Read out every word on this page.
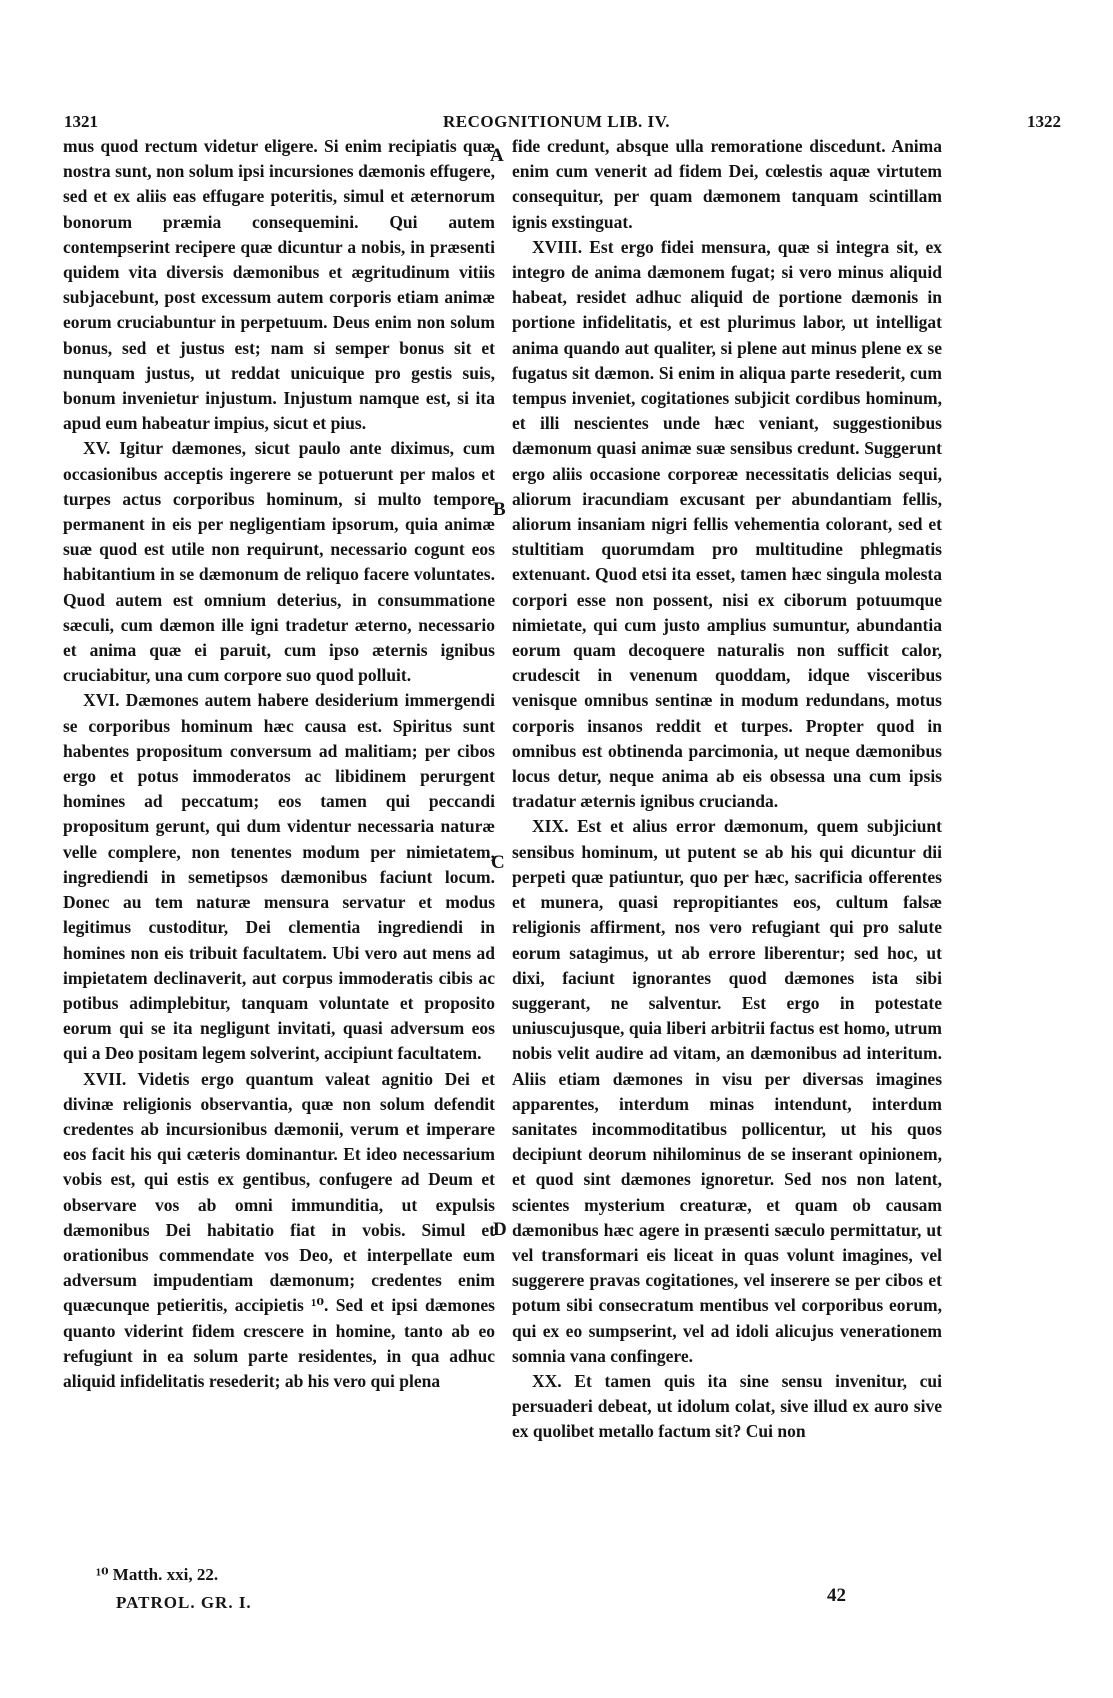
1321	RECOGNITIONUM LIB. IV.	1322

mus quod rectum videtur eligere. Si enim recipiatis quæ nostra sunt, non solum ipsi incursiones dæmonis effugere, sed et ex aliis eas effugare poteritis, simul et æternorum bonorum præmia consequemini. Qui autem contempserint recipere quæ dicuntur a nobis, in præsenti quidem vita diversis dæmonibus et ægritudinum vitiis subjacebunt, post excessum autem corporis etiam animæ eorum cruciabuntur in perpetuum. Deus enim non solum bonus, sed et justus est; nam si semper bonus sit et nunquam justus, ut reddat unicuique pro gestis suis, bonum invenietur injustum. Injustum namque est, si ita apud eum habeatur impius, sicut et pius.

XV. Igitur dæmones, sicut paulo ante diximus, cum occasionibus acceptis ingerere se potuerunt per malos et turpes actus corporibus hominum, si multo tempore permanent in eis per negligentiam ipsorum, quia animæ suæ quod est utile non requirunt, necessario cogunt eos habitantium in se dæmonum de reliquo facere voluntates. Quod autem est omnium deterius, in consummatione sæculi, cum dæmon ille igni tradetur æterno, necessario et anima quæ ei paruit, cum ipso æternis ignibus cruciabitur, una cum corpore suo quod polluit.

XVI. Dæmones autem habere desiderium immergendi se corporibus hominum hæc causa est. Spiritus sunt habentes propositum conversum ad malitiam; per cibos ergo et potus immoderatos ac libidinem perurgent homines ad peccatum; eos tamen qui peccandi propositum gerunt, qui dum videntur necessaria naturæ velle complere, non tenentes modum per nimietatem, ingrediendi in semetipsos dæmonibus faciunt locum. Donec au tem naturæ mensura servatur et modus legitimus custoditur, Dei clementia ingrediendi in homines non eis tribuit facultatem. Ubi vero aut mens ad impietatem declinaverit, aut corpus immoderatis cibis ac potibus adimplebitur, tanquam voluntate et proposito eorum qui se ita negligunt invitati, quasi adversum eos qui a Deo positam legem solverint, accipiunt facultatem.

XVII. Videtis ergo quantum valeat agnitio Dei et divinæ religionis observantia, quæ non solum defendit credentes ab incursionibus dæmonii, verum et imperare eos facit his qui cæteris dominantur. Et ideo necessarium vobis est, qui estis ex gentibus, confugere ad Deum et observare vos ab omni immunditia, ut expulsis dæmonibus Dei habitatio fiat in vobis. Simul et orationibus commendate vos Deo, et interpellate eum adversum impudentiam dæmonum; credentes enim quæcunque petieritis, accipietis ¹⁰. Sed et ipsi dæmones quanto viderint fidem crescere in homine, tanto ab eo refugiunt in ea solum parte residentes, in qua adhuc aliquid infidelitatis resederit; ab his vero qui plena

fide credunt, absque ulla remoratione discedunt. Anima enim cum venerit ad fidem Dei, cœlestis aquæ virtutem consequitur, per quam dæmonem tanquam scintillam ignis exstinguat.

XVIII. Est ergo fidei mensura, quæ si integra sit, ex integro de anima dæmonem fugat; si vero minus aliquid habeat, residet adhuc aliquid de portione dæmonis in portione infidelitatis, et est plurimus labor, ut intelligat anima quando aut qualiter, si plene aut minus plene ex se fugatus sit dæmon. Si enim in aliqua parte resederit, cum tempus inveniet, cogitationes subjicit cordibus hominum, et illi nescientes unde hæc veniant, suggestionibus dæmonum quasi animæ suæ sensibus credunt. Suggerunt ergo aliis occasione corporeæ necessitatis delicias sequi, aliorum iracundiam excusant per abundantiam fellis, aliorum insaniam nigri fellis vehementia colorant, sed et stultitiam quorumdam pro multitudine phlegmatis extenuant. Quod etsi ita esset, tamen hæc singula molesta corpori esse non possent, nisi ex ciborum potuumque nimietate, qui cum justo amplius sumuntur, abundantia eorum quam decoquere naturalis non sufficit calor, crudescit in venenum quoddam, idque visceribus venisque omnibus sentinæ in modum redundans, motus corporis insanos reddit et turpes. Propter quod in omnibus est obtinenda parcimonia, ut neque dæmonibus locus detur, neque anima ab eis obsessa una cum ipsis tradatur æternis ignibus crucianda.

XIX. Est et alius error dæmonum, quem subjiciunt sensibus hominum, ut putent se ab his qui dicuntur dii perpeti quæ patiuntur, quo per hæc, sacrificia offerentes et munera, quasi repropitiantes eos, cultum falsæ religionis affirment, nos vero refugiant qui pro salute eorum satagimus, ut ab errore liberentur; sed hoc, ut dixi, faciunt ignorantes quod dæmones ista sibi suggerant, ne salventur. Est ergo in potestate uniuscujusque, quia liberi arbitrii factus est homo, utrum nobis velit audire ad vitam, an dæmonibus ad interitum. Aliis etiam dæmones in visu per diversas imagines apparentes, interdum minas intendunt, interdum sanitates incommoditatibus pollicentur, ut his quos decipiunt deorum nihilominus de se inserant opinionem, et quod sint dæmones ignoretur. Sed nos non latent, scientes mysterium creaturæ, et quam ob causam dæmonibus hæc agere in præsenti sæculo permittatur, ut vel transformari eis liceat in quas volunt imagines, vel suggerere pravas cogitationes, vel inserere se per cibos et potum sibi consecratum mentibus vel corporibus eorum, qui ex eo sumpserint, vel ad idoli alicujus venerationem somnia vana confingere.

XX. Et tamen quis ita sine sensu invenitur, cui persuaderi debeat, ut idolum colat, sive illud ex auro sive ex quolibet metallo factum sit? Cui non

A
B
C
D
¹⁰ Matth. xxi, 22.
PATROL. GR. I.	42
